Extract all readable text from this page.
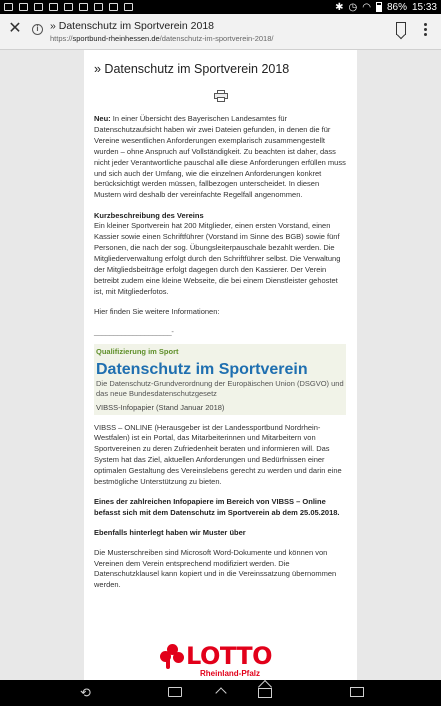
✱ ◷ ◠ 86% 15:33
✕	i	» Datenschutz im Sportverein 2018
https://sportbund-rheinhessen.de/datenschutz-im-sportverein-2018/
» Datenschutz im Sportverein 2018
Neu: In einer Übersicht des Bayerischen Landesamtes für Datenschutzaufsicht haben wir zwei Dateien gefunden, in denen die für Vereine wesentlichen Anforderungen exemplarisch zusammengestellt wurden – ohne Anspruch auf Vollständigkeit. Zu beachten ist daher, dass nicht jeder Verantwortliche pauschal alle diese Anforderungen erfüllen muss und sich auch der Umfang, wie die einzelnen Anforderungen konkret berücksichtigt werden müssen, fallbezogen unterscheidet. In diesen Mustern wird deshalb der vereinfachte Regelfall angenommen.
Kurzbeschreibung des Vereins
Ein kleiner Sportverein hat 200 Mitglieder, einen ersten Vorstand, einen Kassier sowie einen Schriftführer (Vorstand im Sinne des BGB) sowie fünf Personen, die nach der sog. Übungsleiterpauschale bezahlt werden. Die Mitgliederverwaltung erfolgt durch den Schriftführer selbst. Die Verwaltung der Mitgliedsbeiträge erfolgt dagegen durch den Kassierer. Der Verein betreibt zudem eine kleine Webseite, die bei einem Dienstleister gehostet ist, mit Mitgliederfotos.
Hier finden Sie weitere Informationen:
____________________-
Qualifizierung im Sport
Datenschutz im Sportverein
Die Datenschutz-Grundverordnung der Europäischen Union (DSGVO) und das neue Bundesdatenschutzgesetz
VIBSS-Infopapier (Stand Januar 2018)
VIBSS – ONLINE (Herausgeber ist der Landessportbund Nordrhein-Westfalen) ist ein Portal, das Mitarbeiterinnen und Mitarbeitern von Sportvereinen zu deren Zufriedenheit beraten und informieren will. Das System hat das Ziel, aktuellen Anforderungen und Bedürfnissen einer optimalen Gestaltung des Vereinslebens gerecht zu werden und darin eine bestmögliche Unterstützung zu bieten.
Eines der zahlreichen Infopapiere im Bereich von VIBSS – Online befasst sich mit dem Datenschutz im Sportverein ab dem 25.05.2018.
Ebenfalls hinterlegt haben wir Muster über
Die Musterschreiben sind Microsoft Word-Dokumente und können von Vereinen dem Verein entsprechend modifiziert werden. Die Datenschutzklausel kann kopiert und in die Vereinssatzung übernommen werden.
LOTTO
Rheinland-Pfalz
⟲
